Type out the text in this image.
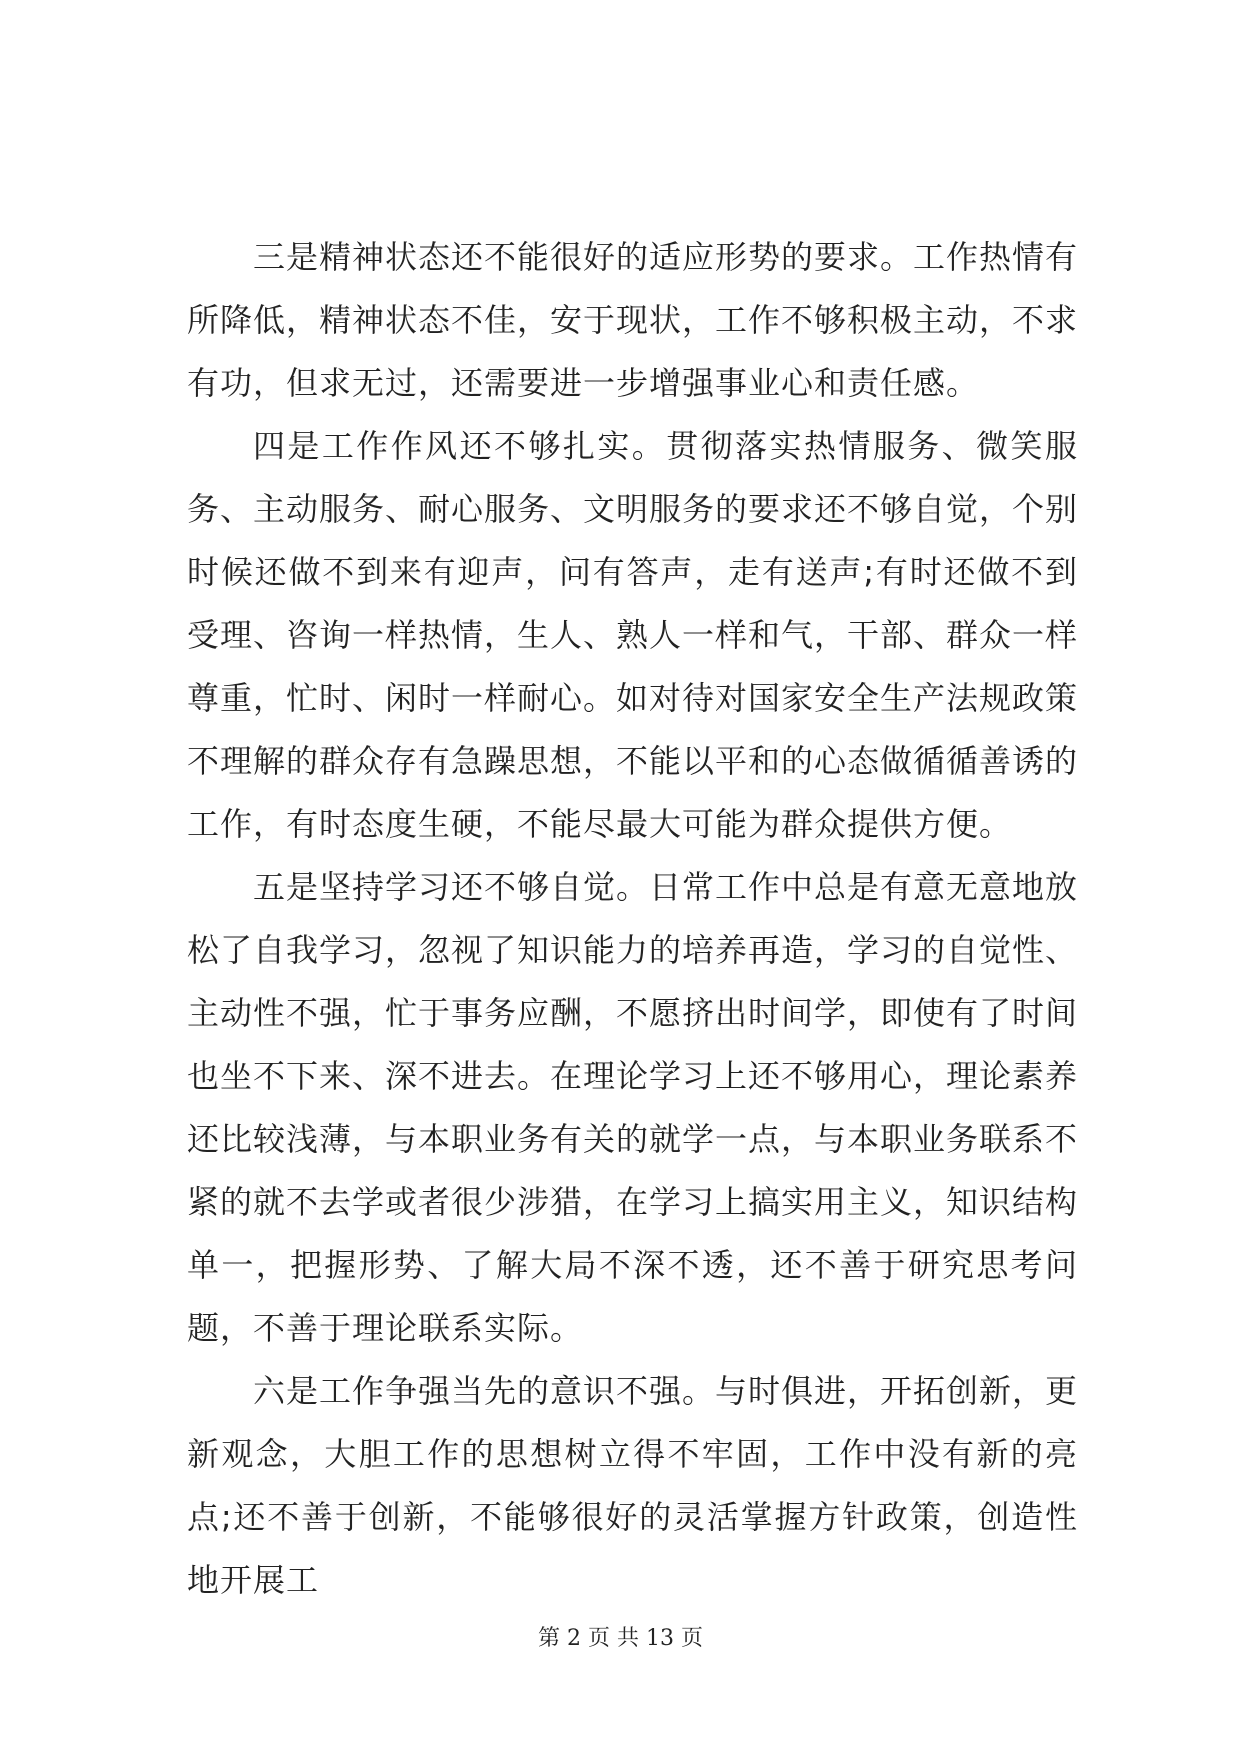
三是精神状态还不能很好的适应形势的要求。工作热情有所降低，精神状态不佳，安于现状，工作不够积极主动，不求有功，但求无过，还需要进一步增强事业心和责任感。

四是工作作风还不够扎实。贯彻落实热情服务、微笑服务、主动服务、耐心服务、文明服务的要求还不够自觉，个别时候还做不到来有迎声，问有答声，走有送声;有时还做不到受理、咨询一样热情，生人、熟人一样和气，干部、群众一样尊重，忙时、闲时一样耐心。如对待对国家安全生产法规政策不理解的群众存有急躁思想，不能以平和的心态做循循善诱的工作，有时态度生硬，不能尽最大可能为群众提供方便。

五是坚持学习还不够自觉。日常工作中总是有意无意地放松了自我学习，忽视了知识能力的培养再造，学习的自觉性、主动性不强，忙于事务应酬，不愿挤出时间学，即使有了时间也坐不下来、深不进去。在理论学习上还不够用心，理论素养还比较浅薄，与本职业务有关的就学一点，与本职业务联系不紧的就不去学或者很少涉猎，在学习上搞实用主义，知识结构单一，把握形势、了解大局不深不透，还不善于研究思考问题，不善于理论联系实际。

六是工作争强当先的意识不强。与时俱进，开拓创新，更新观念，大胆工作的思想树立得不牢固，工作中没有新的亮点;还不善于创新，不能够很好的灵活掌握方针政策，创造性地开展工

第 2 页 共 13 页
